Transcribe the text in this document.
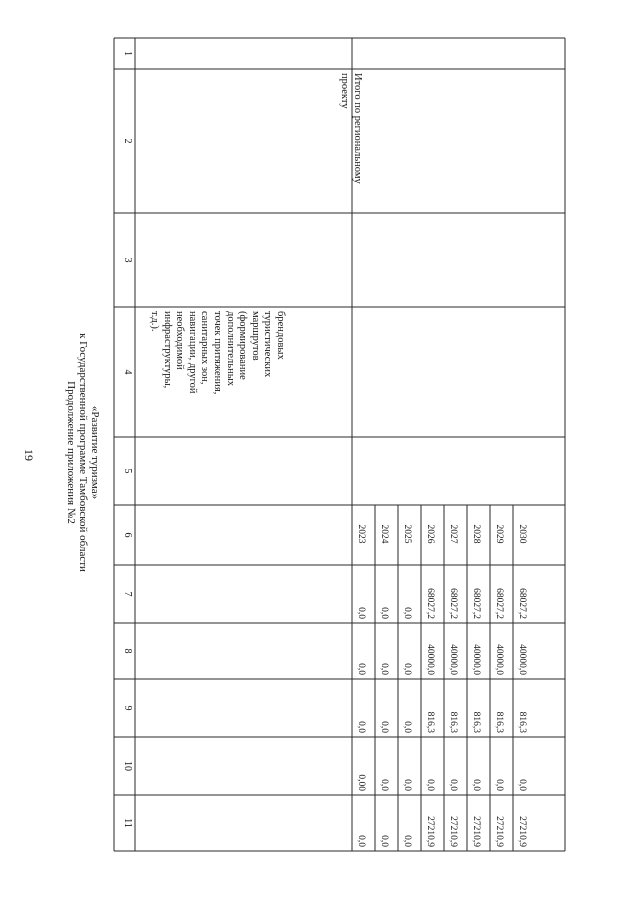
19	Продолжение приложения №2 к Государственной программе Тамбовской области «Развитие туризма»
1
2
3
4
5
6
7
8
9
10
11
брендовых
туристических
маршрутов
(формирование
дополнительных
точек притяжения,
санитарных зон,
навигации, другой
необходимой
инфраструктуры,
т.д.).
Итого по региональному проекту
2023
0,0
0,0
0,0
0,00
0,0
2024
0,0
0,0
0,0
0,0
0,0
2025
0,0
0,0
0,0
0,0
0,0
2026
68027,2
40000,0
816,3
0,0
27210,9
2027
68027,2
40000,0
816,3
0,0
27210,9
2028
68027,2
40000,0
816,3
0,0
27210,9
2029
68027,2
40000,0
816,3
0,0
27210,9
2030
68027,2
40000,0
816,3
0,0
27210,9
